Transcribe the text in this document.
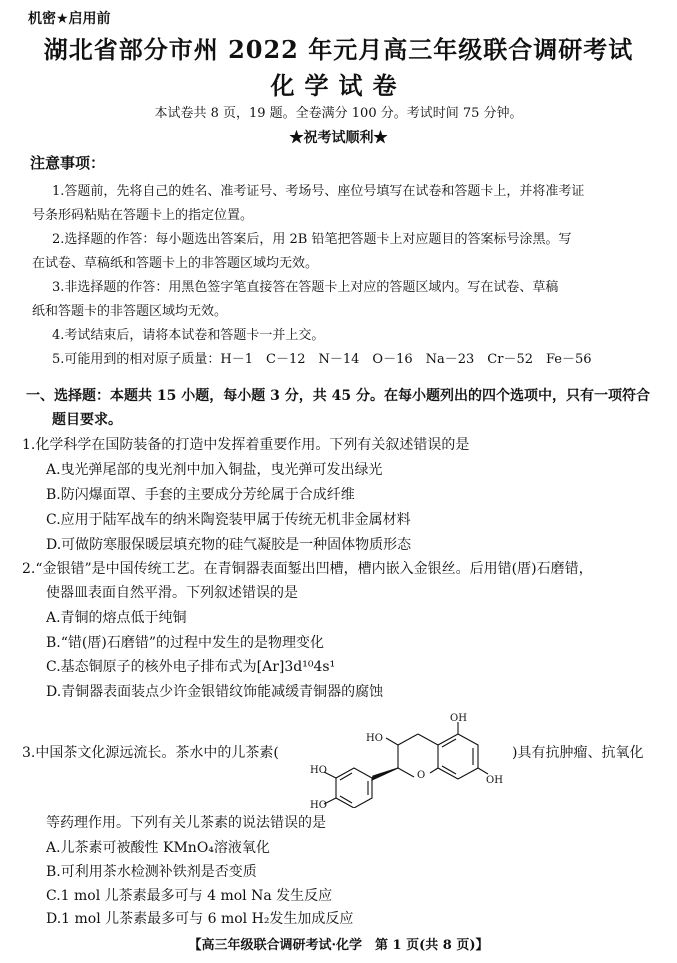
机密★启用前
湖北省部分市州 2022 年元月高三年级联合调研考试
化学试卷
本试卷共 8 页，19 题。全卷满分 100 分。考试时间 75 分钟。
★祝考试顺利★
注意事项：
1.答题前，先将自己的姓名、准考证号、考场号、座位号填写在试卷和答题卡上，并将准考证
号条形码粘贴在答题卡上的指定位置。
2.选择题的作答：每小题选出答案后，用 2B 铅笔把答题卡上对应题目的答案标号涂黑。写
在试卷、草稿纸和答题卡上的非答题区域均无效。
3.非选择题的作答：用黑色签字笔直接答在答题卡上对应的答题区域内。写在试卷、草稿
纸和答题卡的非答题区域均无效。
4.考试结束后，请将本试卷和答题卡一并上交。
5.可能用到的相对原子质量：H－1　C－12　N－14　O－16　Na－23　Cr－52　Fe－56
一、选择题：本题共 15 小题，每小题 3 分，共 45 分。在每小题列出的四个选项中，只有一项符合
题目要求。
1.化学科学在国防装备的打造中发挥着重要作用。下列有关叙述错误的是
A.曳光弹尾部的曳光剂中加入铜盐，曳光弹可发出绿光
B.防闪爆面罩、手套的主要成分芳纶属于合成纤维
C.应用于陆军战车的纳米陶瓷装甲属于传统无机非金属材料
D.可做防寒服保暖层填充物的硅气凝胶是一种固体物质形态
2.“金银错”是中国传统工艺。在青铜器表面錾出凹槽，槽内嵌入金银丝。后用错(厝)石磨错，
使器皿表面自然平滑。下列叙述错误的是
A.青铜的熔点低于纯铜
B.“错(厝)石磨错”的过程中发生的是物理变化
C.基态铜原子的核外电子排布式为[Ar]3d¹⁰4s¹
D.青铜器表面装点少许金银错纹饰能减缓青铜器的腐蚀
3.中国茶文化源远流长。茶水中的儿茶素(
OH
HO
HO
OH
HO
O
)具有抗肿瘤、抗氧化
等药理作用。下列有关儿茶素的说法错误的是
A.儿茶素可被酸性 KMnO₄溶液氧化
B.可利用茶水检测补铁剂是否变质
C.1 mol 儿茶素最多可与 4 mol Na 发生反应
D.1 mol 儿茶素最多可与 6 mol H₂发生加成反应
【高三年级联合调研考试·化学　第 1 页(共 8 页)】
